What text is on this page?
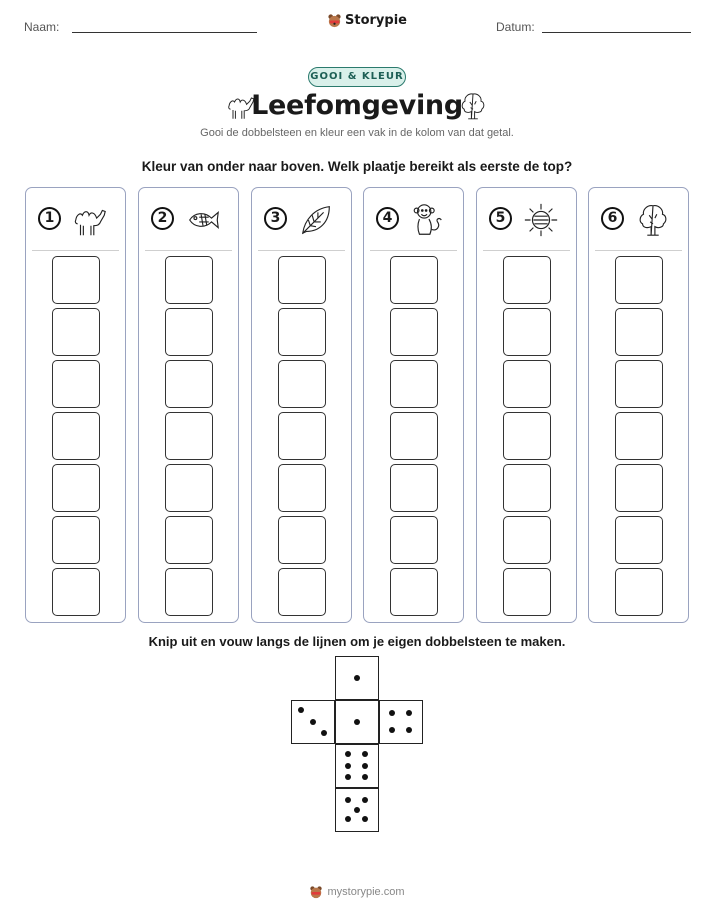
Naam:	Storypie	Datum:
GOOI & KLEUR
Leefomgeving
Gooi de dobbelsteen en kleur een vak in de kolom van dat getal.
Kleur van onder naar boven. Welk plaatje bereikt als eerste de top?
1	2	3	4	5	6
Knip uit en vouw langs de lijnen om je eigen dobbelsteen te maken.
mystorypie.com
